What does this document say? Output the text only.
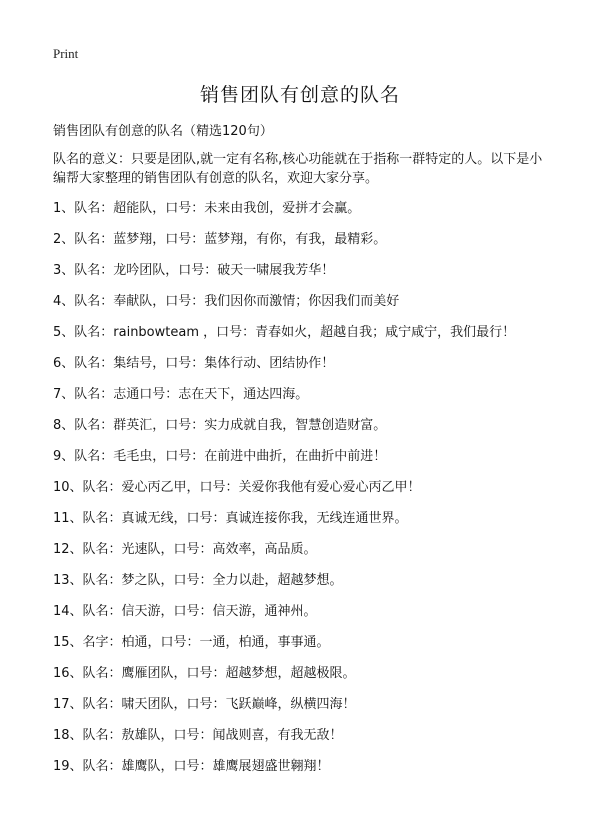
Print
销售团队有创意的队名
销售团队有创意的队名（精选120句）

队名的意义：只要是团队,就一定有名称,核心功能就在于指称一群特定的人。以下是小编帮大家整理的销售团队有创意的队名，欢迎大家分享。

1、队名：超能队，口号：未来由我创，爱拼才会赢。
2、队名：蓝梦翔，口号：蓝梦翔，有你，有我，最精彩。
3、队名：龙吟团队，口号：破天一啸展我芳华！
4、队名：奉献队，口号：我们因你而激情；你因我们而美好
5、队名：rainbowteam ，口号：青春如火，超越自我；咸宁咸宁，我们最行！
6、队名：集结号，口号：集体行动、团结协作！
7、队名：志通口号：志在天下，通达四海。
8、队名：群英汇，口号：实力成就自我，智慧创造财富。
9、队名：毛毛虫，口号：在前进中曲折，在曲折中前进！
10、队名：爱心丙乙甲，口号：关爱你我他有爱心爱心丙乙甲！
11、队名：真诚无线，口号：真诚连接你我，无线连通世界。
12、队名：光速队，口号：高效率，高品质。
13、队名：梦之队，口号：全力以赴，超越梦想。
14、队名：信天游，口号：信天游，通神州。
15、名字：柏通，口号：一通，柏通，事事通。
16、队名：鹰雁团队，口号：超越梦想，超越极限。
17、队名：啸天团队，口号：飞跃巅峰，纵横四海！
18、队名：敖雄队，口号：闻战则喜，有我无敌！
19、队名：雄鹰队，口号：雄鹰展翅盛世翱翔！
